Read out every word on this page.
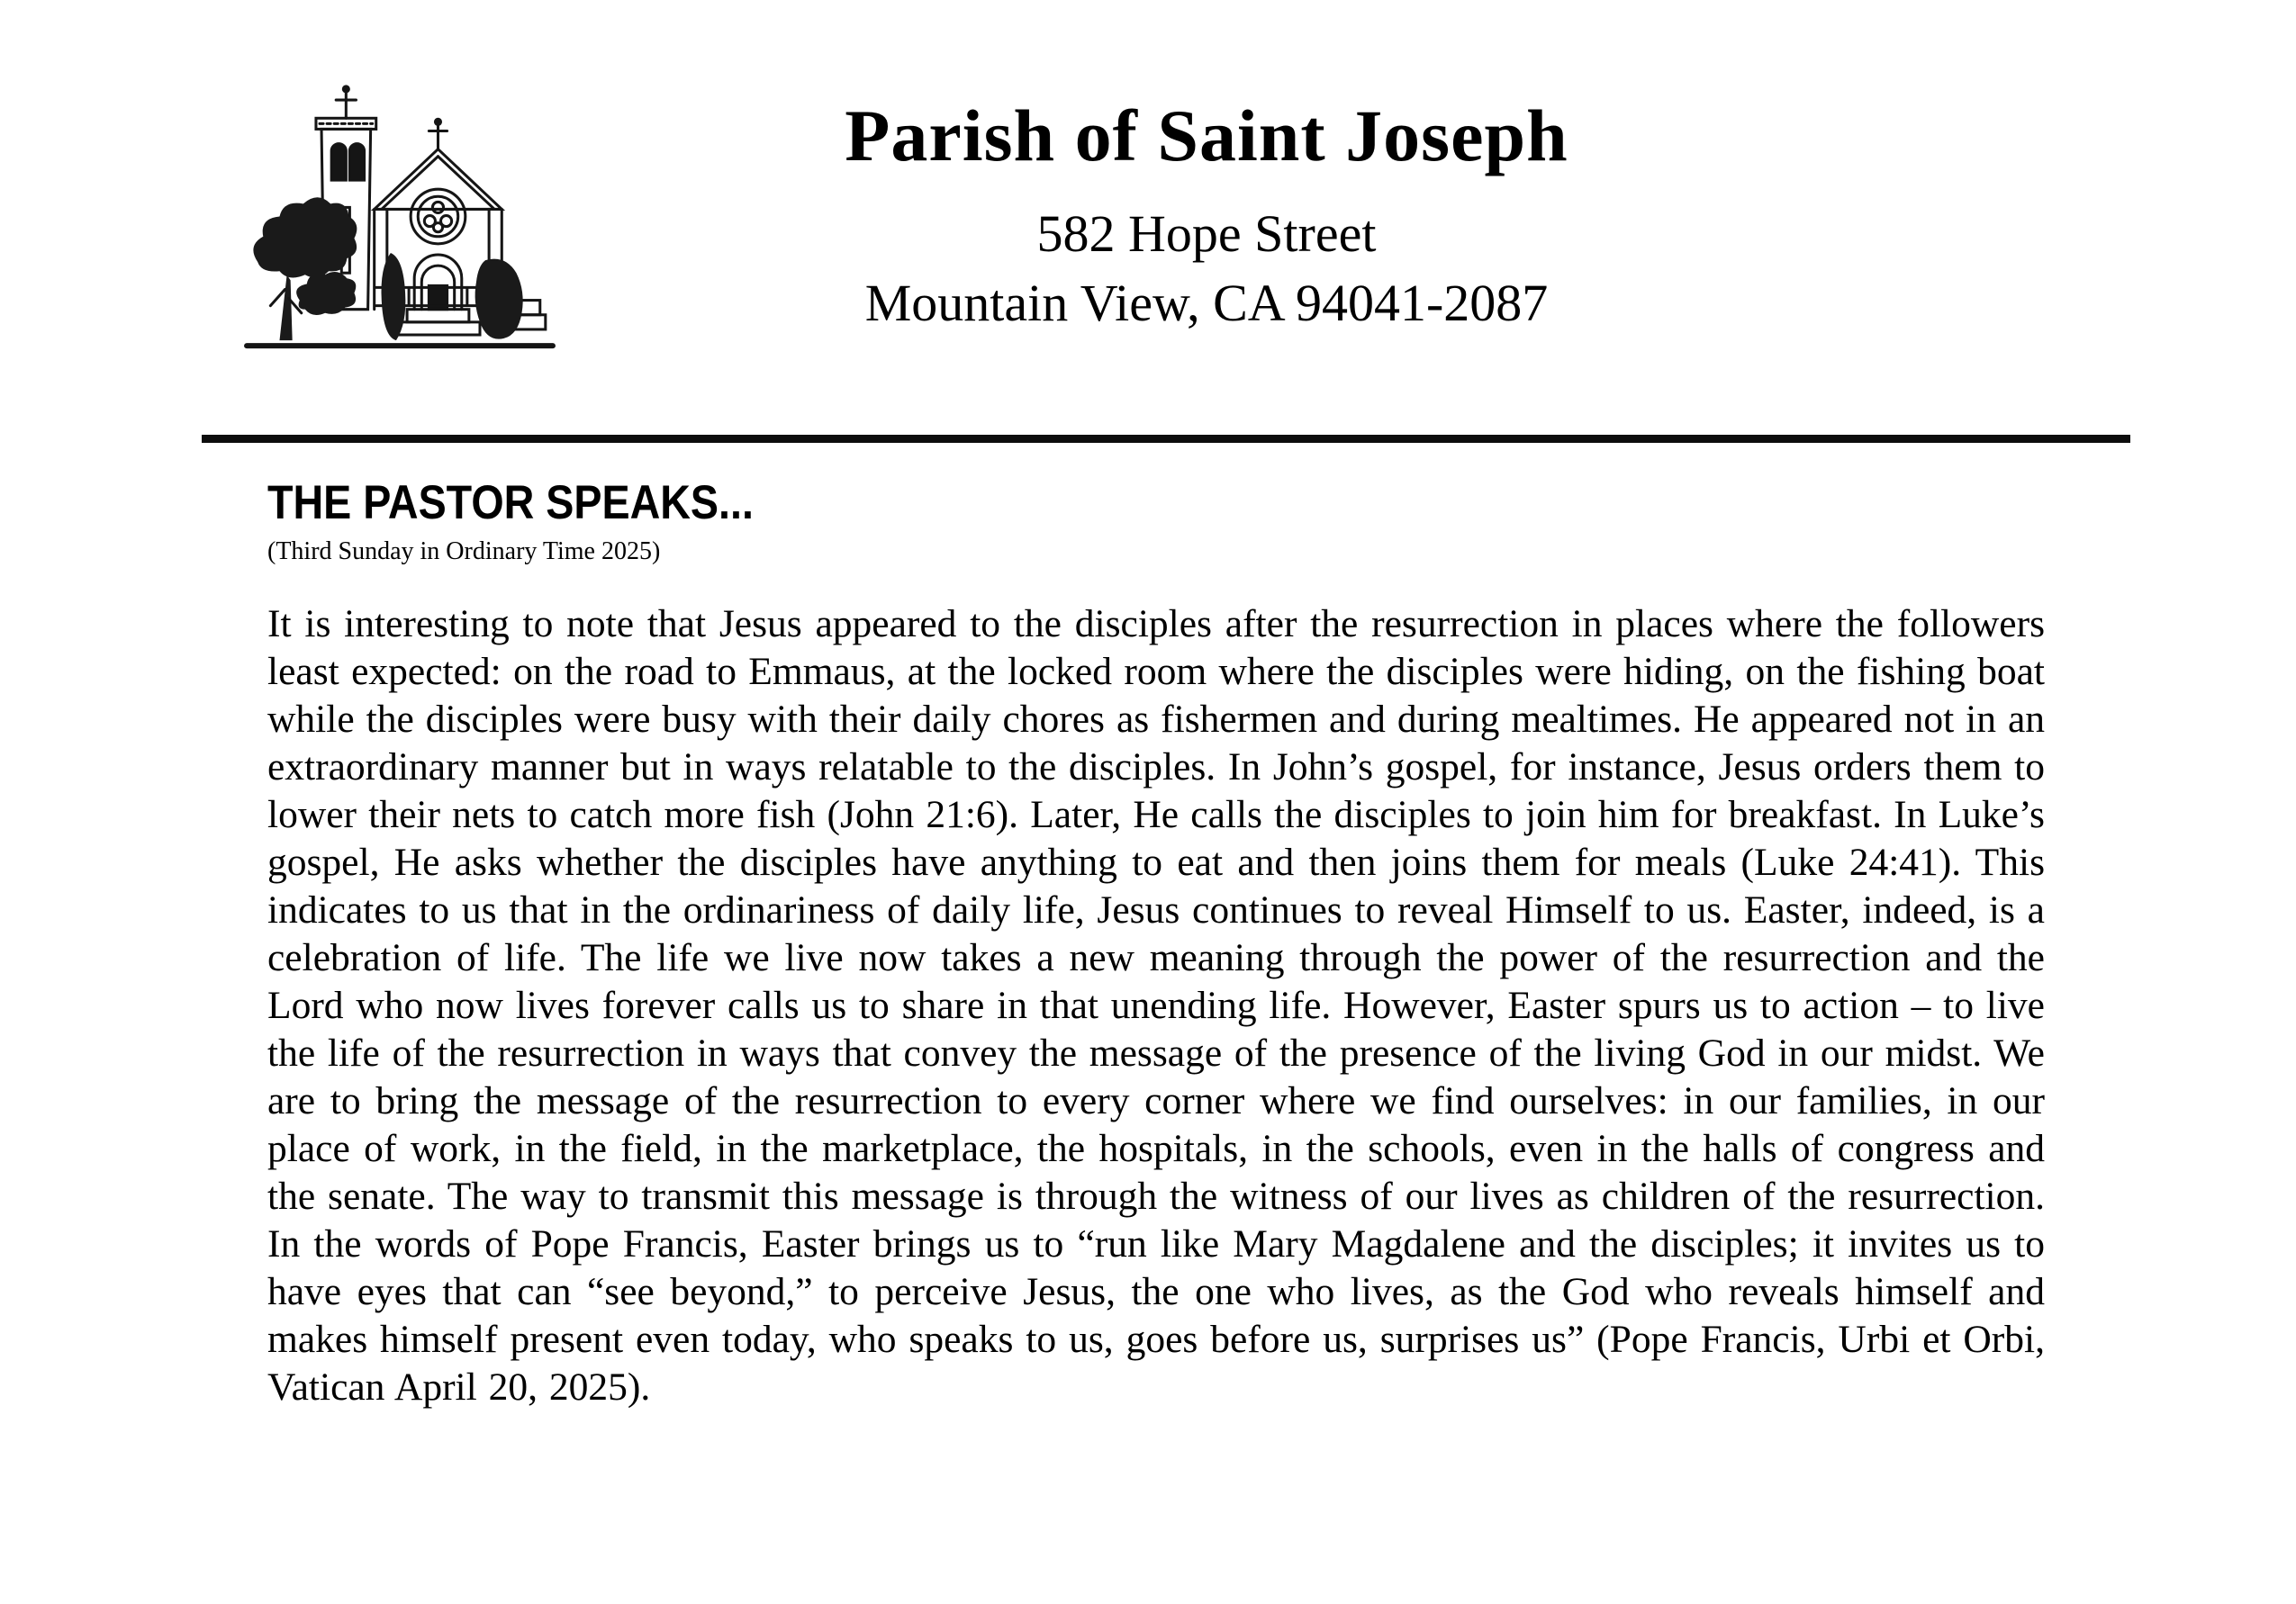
Parish of Saint Joseph
582 Hope Street
Mountain View, CA 94041-2087
THE PASTOR SPEAKS...
(Third Sunday in Ordinary Time 2025)

It is interesting to note that Jesus appeared to the disciples after the resurrection in places where the followers least expected: on the road to Emmaus, at the locked room where the disciples were hiding, on the fishing boat while the disciples were busy with their daily chores as fishermen and during mealtimes. He appeared not in an extraordinary manner but in ways relatable to the disciples. In John’s gospel, for instance, Jesus orders them to lower their nets to catch more fish (John 21:6). Later, He calls the disciples to join him for breakfast. In Luke’s gospel, He asks whether the disciples have anything to eat and then joins them for meals (Luke 24:41). This indicates to us that in the ordinariness of daily life, Jesus continues to reveal Himself to us. Easter, indeed, is a celebration of life. The life we live now takes a new meaning through the power of the resurrection and the Lord who now lives forever calls us to share in that unending life. However, Easter spurs us to action – to live the life of the resurrection in ways that convey the message of the presence of the living God in our midst. We are to bring the message of the resurrection to every corner where we find ourselves: in our families, in our place of work, in the field, in the marketplace, the hospitals, in the schools, even in the halls of congress and the senate. The way to transmit this message is through the witness of our lives as children of the resurrection. In the words of Pope Francis, Easter brings us to “run like Mary Magdalene and the disciples; it invites us to have eyes that can “see beyond,” to perceive Jesus, the one who lives, as the God who reveals himself and makes himself present even today, who speaks to us, goes before us, surprises us” (Pope Francis, Urbi et Orbi, Vatican April 20, 2025).
